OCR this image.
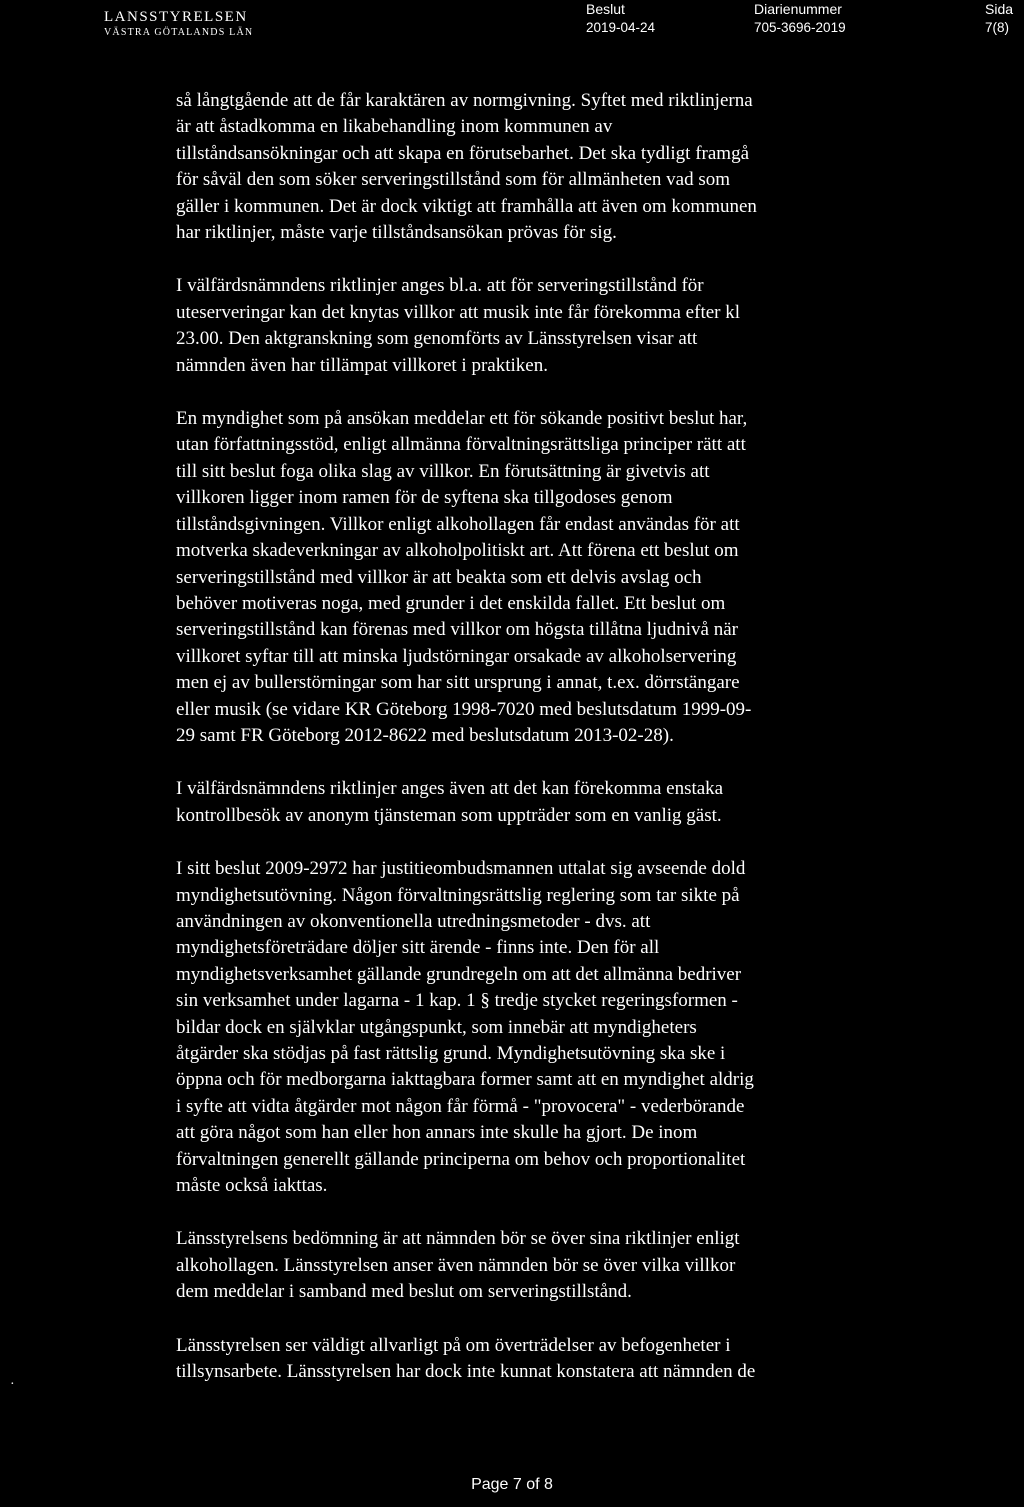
LANSSTYRELSEN
VÄSTRA GÖTALANDS LÄN
Beslut
2019-04-24
Diarienummer
705-3696-2019
Sida
7(8)

så långtgående att de får karaktären av normgivning. Syftet med riktlinjerna
är att åstadkomma en likabehandling inom kommunen av
tillståndsansökningar och att skapa en förutsebarhet. Det ska tydligt framgå
för såväl den som söker serveringstillstånd som för allmänheten vad som
gäller i kommunen. Det är dock viktigt att framhålla att även om kommunen
har riktlinjer, måste varje tillståndsansökan prövas för sig.

I välfärdsnämndens riktlinjer anges bl.a. att för serveringstillstånd för
uteserveringar kan det knytas villkor att musik inte får förekomma efter kl
23.00. Den aktgranskning som genomförts av Länsstyrelsen visar att
nämnden även har tillämpat villkoret i praktiken.

En myndighet som på ansökan meddelar ett för sökande positivt beslut har,
utan författningsstöd, enligt allmänna förvaltningsrättsliga principer rätt att
till sitt beslut foga olika slag av villkor. En förutsättning är givetvis att
villkoren ligger inom ramen för de syftena ska tillgodoses genom
tillståndsgivningen. Villkor enligt alkohollagen får endast användas för att
motverka skadeverkningar av alkoholpolitiskt art. Att förena ett beslut om
serveringstillstånd med villkor är att beakta som ett delvis avslag och
behöver motiveras noga, med grunder i det enskilda fallet. Ett beslut om
serveringstillstånd kan förenas med villkor om högsta tillåtna ljudnivå när
villkoret syftar till att minska ljudstörningar orsakade av alkoholservering
men ej av bullerstörningar som har sitt ursprung i annat, t.ex. dörrstängare
eller musik (se vidare KR Göteborg 1998-7020 med beslutsdatum 1999-09-
29 samt FR Göteborg 2012-8622 med beslutsdatum 2013-02-28).

I välfärdsnämndens riktlinjer anges även att det kan förekomma enstaka
kontrollbesök av anonym tjänsteman som uppträder som en vanlig gäst.

I sitt beslut 2009-2972 har justitieombudsmannen uttalat sig avseende dold
myndighetsutövning. Någon förvaltningsrättslig reglering som tar sikte på
användningen av okonventionella utredningsmetoder - dvs. att
myndighetsföreträdare döljer sitt ärende - finns inte. Den för all
myndighetsverksamhet gällande grundregeln om att det allmänna bedriver
sin verksamhet under lagarna - 1 kap. 1 § tredje stycket regeringsformen -
bildar dock en självklar utgångspunkt, som innebär att myndigheters
åtgärder ska stödjas på fast rättslig grund. Myndighetsutövning ska ske i
öppna och för medborgarna iakttagbara former samt att en myndighet aldrig
i syfte att vidta åtgärder mot någon får förmå - "provocera" - vederbörande
att göra något som han eller hon annars inte skulle ha gjort. De inom
förvaltningen generellt gällande principerna om behov och proportionalitet
måste också iakttas.

Länsstyrelsens bedömning är att nämnden bör se över sina riktlinjer enligt
alkohollagen. Länsstyrelsen anser även nämnden bör se över vilka villkor
dem meddelar i samband med beslut om serveringstillstånd.

Länsstyrelsen ser väldigt allvarligt på om överträdelser av befogenheter i
tillsynsarbete. Länsstyrelsen har dock inte kunnat konstatera att nämnden de

·
Page 7 of 8
